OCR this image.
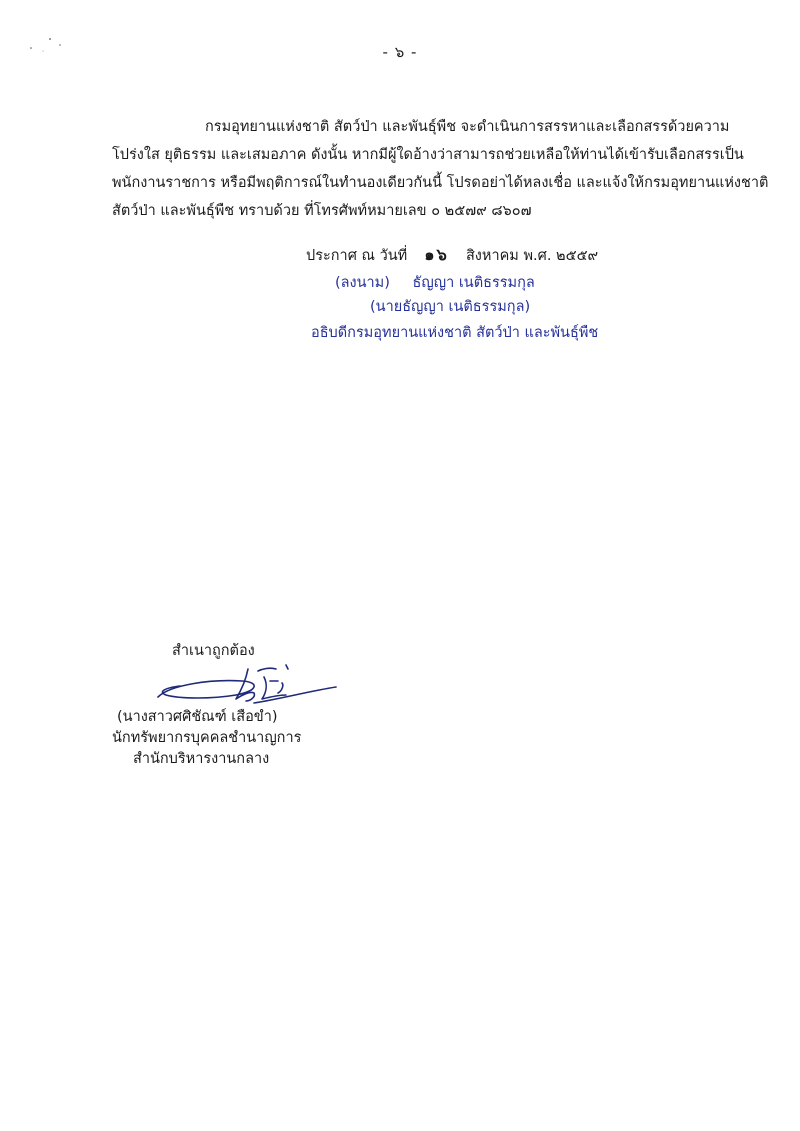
- ๖ -
กรมอุทยานแห่งชาติ สัตว์ป่า และพันธุ์พืช จะดำเนินการสรรหาและเลือกสรรด้วยความ
โปร่งใส ยุติธรรม และเสมอภาค ดังนั้น หากมีผู้ใดอ้างว่าสามารถช่วยเหลือให้ท่านได้เข้ารับเลือกสรรเป็น
พนักงานราชการ หรือมีพฤติการณ์ในทำนองเดียวกันนี้ โปรดอย่าได้หลงเชื่อ และแจ้งให้กรมอุทยานแห่งชาติ
สัตว์ป่า และพันธุ์พืช ทราบด้วย ที่โทรศัพท์หมายเลข ๐ ๒๕๗๙ ๘๖๐๗
ประกาศ ณ วันที่ ๑๖ สิงหาคม พ.ศ. ๒๕๕๙
(ลงนาม) ธัญญา เนติธรรมกุล
(นายธัญญา เนติธรรมกุล)
อธิบดีกรมอุทยานแห่งชาติ สัตว์ป่า และพันธุ์พืช
สำเนาถูกต้อง
(นางสาวศศิชัณฑ์ เสือขำ)
นักทรัพยากรบุคคลชำนาญการ
สำนักบริหารงานกลาง
